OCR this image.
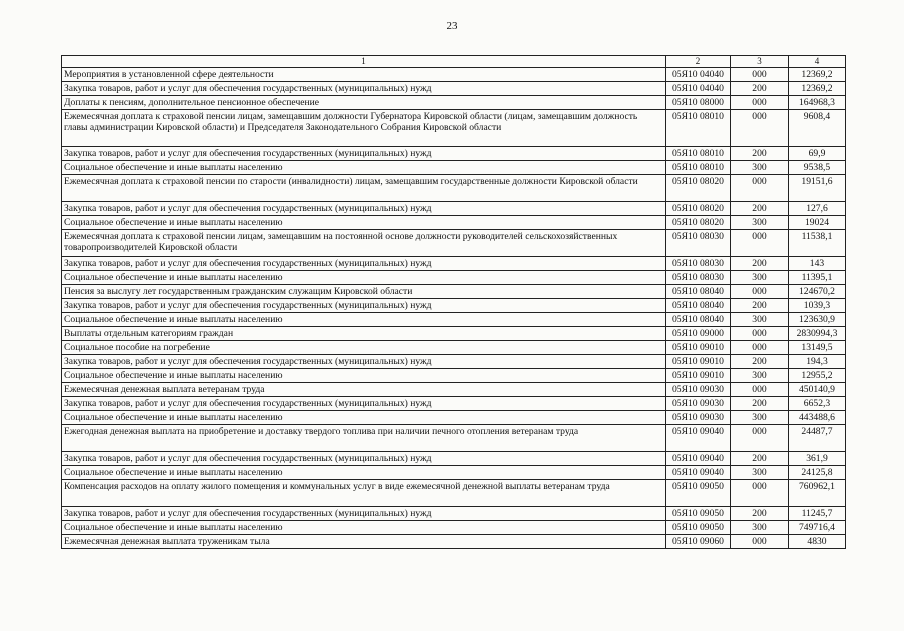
23
1	2	3	4
Мероприятия в установленной сфере деятельности	05Я10 04040	000	12369,2
Закупка товаров, работ и услуг для обеспечения государственных (муниципальных) нужд	05Я10 04040	200	12369,2
Доплаты к пенсиям, дополнительное пенсионное обеспечение	05Я10 08000	000	164968,3
Ежемесячная доплата к страховой пенсии лицам, замещавшим должности Губернатора Кировской области (лицам, замещавшим должность главы администрации Кировской области) и Председателя Законодательного Собрания Кировской области	05Я10 08010	000	9608,4
Закупка товаров, работ и услуг для обеспечения государственных (муниципальных) нужд	05Я10 08010	200	69,9
Социальное обеспечение и иные выплаты населению	05Я10 08010	300	9538,5
Ежемесячная доплата к страховой пенсии по старости (инвалидности) лицам, замещавшим государственные должности Кировской области	05Я10 08020	000	19151,6
Закупка товаров, работ и услуг для обеспечения государственных (муниципальных) нужд	05Я10 08020	200	127,6
Социальное обеспечение и иные выплаты населению	05Я10 08020	300	19024
Ежемесячная доплата к страховой пенсии лицам, замещавшим на постоянной основе должности руководителей сельскохозяйственных товаропроизводителей Кировской области	05Я10 08030	000	11538,1
Закупка товаров, работ и услуг для обеспечения государственных (муниципальных) нужд	05Я10 08030	200	143
Социальное обеспечение и иные выплаты населению	05Я10 08030	300	11395,1
Пенсия за выслугу лет государственным гражданским служащим Кировской области	05Я10 08040	000	124670,2
Закупка товаров, работ и услуг для обеспечения государственных (муниципальных) нужд	05Я10 08040	200	1039,3
Социальное обеспечение и иные выплаты населению	05Я10 08040	300	123630,9
Выплаты отдельным категориям граждан	05Я10 09000	000	2830994,3
Социальное пособие на погребение	05Я10 09010	000	13149,5
Закупка товаров, работ и услуг для обеспечения государственных (муниципальных) нужд	05Я10 09010	200	194,3
Социальное обеспечение и иные выплаты населению	05Я10 09010	300	12955,2
Ежемесячная денежная выплата ветеранам труда	05Я10 09030	000	450140,9
Закупка товаров, работ и услуг для обеспечения государственных (муниципальных) нужд	05Я10 09030	200	6652,3
Социальное обеспечение и иные выплаты населению	05Я10 09030	300	443488,6
Ежегодная денежная выплата на приобретение и доставку твердого топлива при наличии печного отопления ветеранам труда	05Я10 09040	000	24487,7
Закупка товаров, работ и услуг для обеспечения государственных (муниципальных) нужд	05Я10 09040	200	361,9
Социальное обеспечение и иные выплаты населению	05Я10 09040	300	24125,8
Компенсация расходов на оплату жилого помещения и коммунальных услуг в виде ежемесячной денежной выплаты ветеранам труда	05Я10 09050	000	760962,1
Закупка товаров, работ и услуг для обеспечения государственных (муниципальных) нужд	05Я10 09050	200	11245,7
Социальное обеспечение и иные выплаты населению	05Я10 09050	300	749716,4
Ежемесячная денежная выплата труженикам тыла	05Я10 09060	000	4830
